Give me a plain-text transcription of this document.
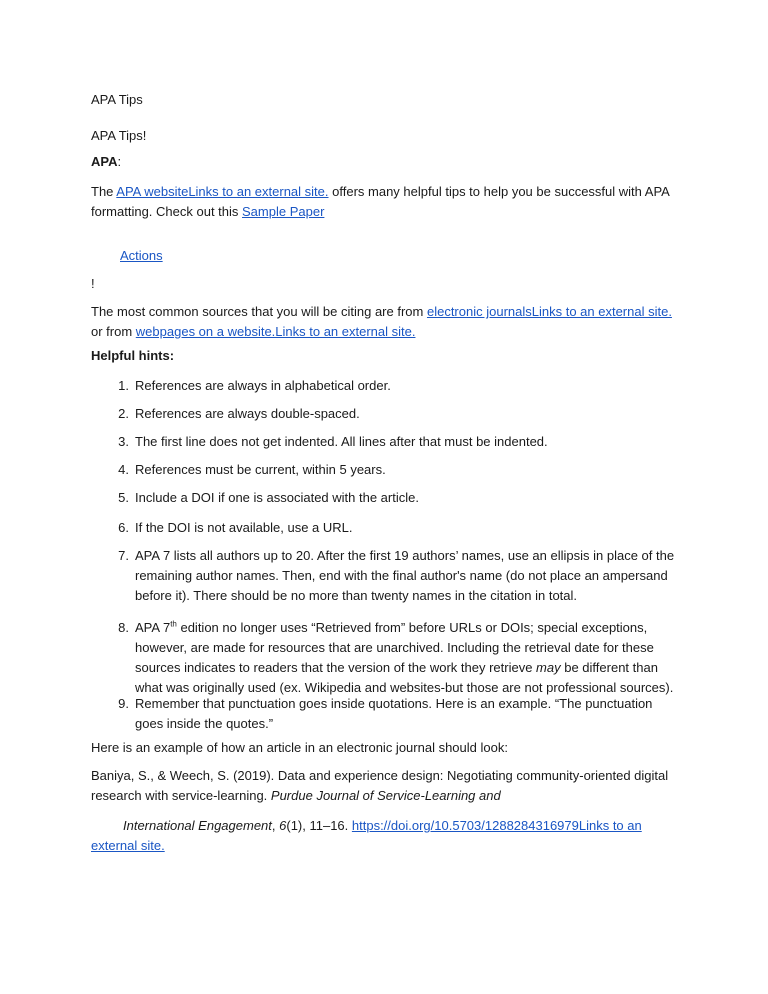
APA Tips
APA Tips!
APA:
The APA websiteLinks to an external site. offers many helpful tips to help you be successful with APA formatting. Check out this Sample Paper
Actions
!
The most common sources that you will be citing are from electronic journalsLinks to an external site. or from webpages on a website.Links to an external site.
Helpful hints:
1. References are always in alphabetical order.
2. References are always double-spaced.
3. The first line does not get indented. All lines after that must be indented.
4. References must be current, within 5 years.
5. Include a DOI if one is associated with the article.
6. If the DOI is not available, use a URL.
7. APA 7 lists all authors up to 20. After the first 19 authors’ names, use an ellipsis in place of the remaining author names. Then, end with the final author's name (do not place an ampersand before it). There should be no more than twenty names in the citation in total.
8. APA 7th edition no longer uses “Retrieved from” before URLs or DOIs; special exceptions, however, are made for resources that are unarchived. Including the retrieval date for these sources indicates to readers that the version of the work they retrieve may be different than what was originally used (ex. Wikipedia and websites-but those are not professional sources).
9. Remember that punctuation goes inside quotations. Here is an example. “The punctuation goes inside the quotes.”
Here is an example of how an article in an electronic journal should look:
Baniya, S., & Weech, S. (2019). Data and experience design: Negotiating community-oriented digital research with service-learning. Purdue Journal of Service-Learning and
International Engagement, 6(1), 11–16. https://doi.org/10.5703/1288284316979Links to an external site.
